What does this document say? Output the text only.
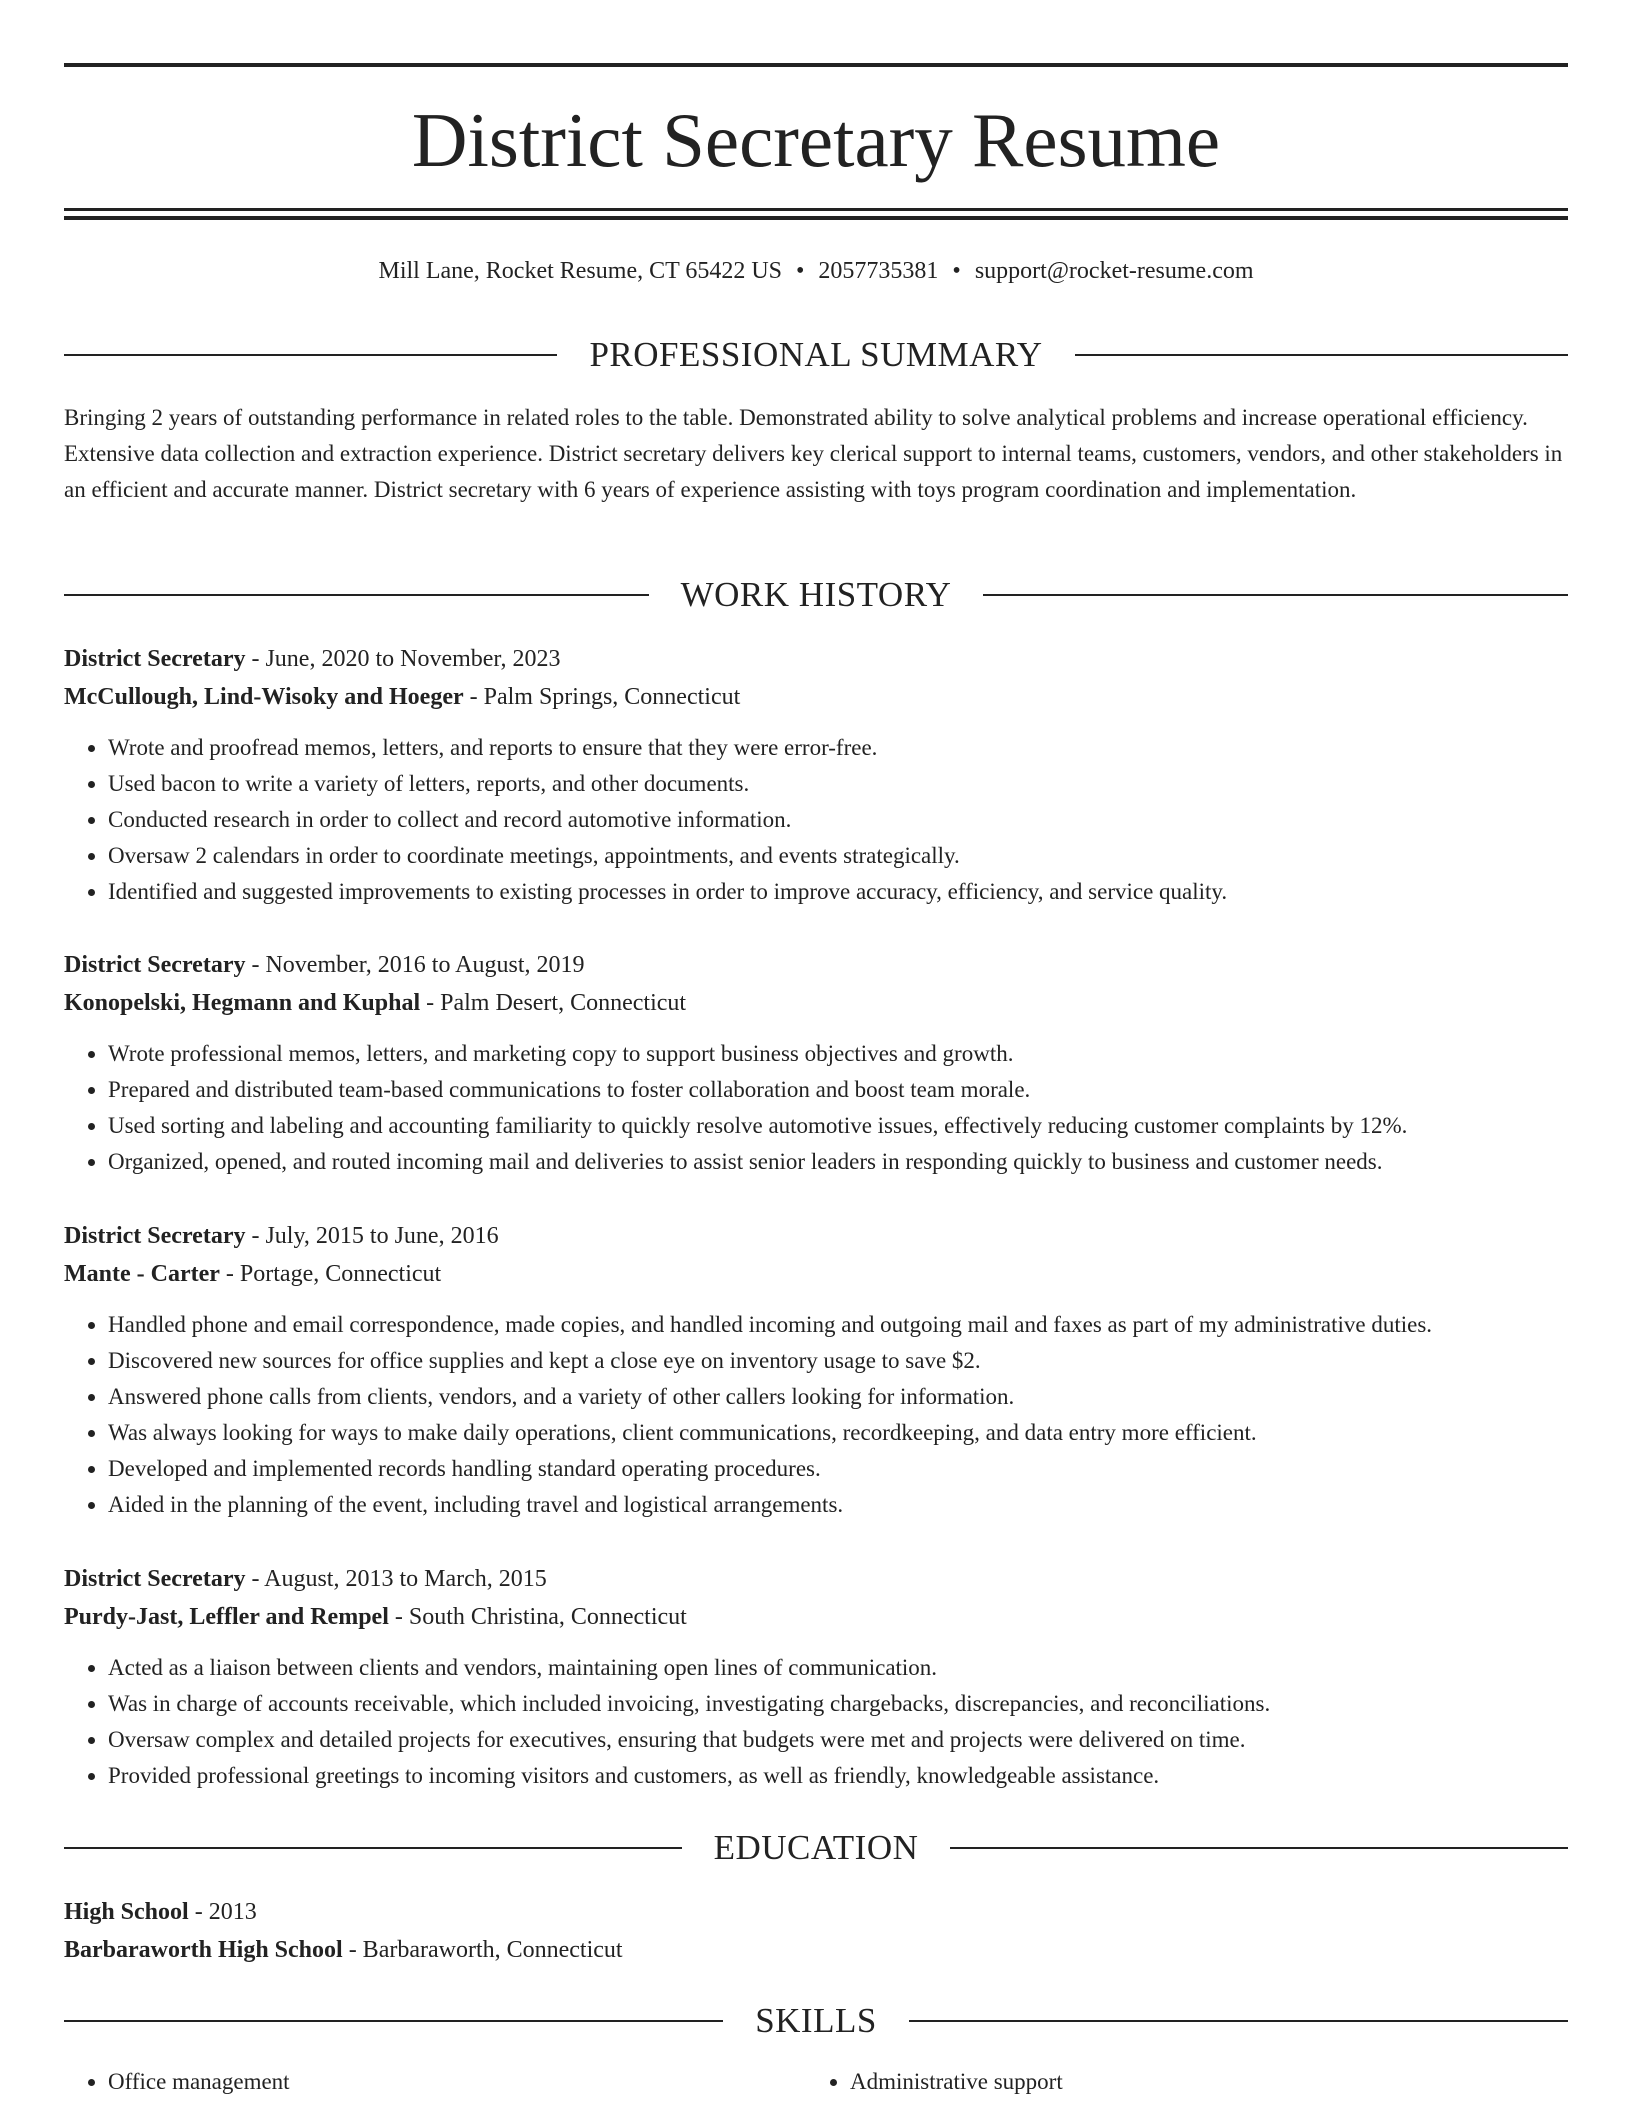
District Secretary Resume
Mill Lane, Rocket Resume, CT 65422 US • 2057735381 • support@rocket-resume.com
PROFESSIONAL SUMMARY

Bringing 2 years of outstanding performance in related roles to the table. Demonstrated ability to solve analytical problems and increase operational efficiency. Extensive data collection and extraction experience. District secretary delivers key clerical support to internal teams, customers, vendors, and other stakeholders in an efficient and accurate manner. District secretary with 6 years of experience assisting with toys program coordination and implementation.

WORK HISTORY
District Secretary - June, 2020 to November, 2023
McCullough, Lind-Wisoky and Hoeger - Palm Springs, Connecticut
• Wrote and proofread memos, letters, and reports to ensure that they were error-free.
• Used bacon to write a variety of letters, reports, and other documents.
• Conducted research in order to collect and record automotive information.
• Oversaw 2 calendars in order to coordinate meetings, appointments, and events strategically.
• Identified and suggested improvements to existing processes in order to improve accuracy, efficiency, and service quality.
District Secretary - November, 2016 to August, 2019
Konopelski, Hegmann and Kuphal - Palm Desert, Connecticut
• Wrote professional memos, letters, and marketing copy to support business objectives and growth.
• Prepared and distributed team-based communications to foster collaboration and boost team morale.
• Used sorting and labeling and accounting familiarity to quickly resolve automotive issues, effectively reducing customer complaints by 12%.
• Organized, opened, and routed incoming mail and deliveries to assist senior leaders in responding quickly to business and customer needs.
District Secretary - July, 2015 to June, 2016
Mante - Carter - Portage, Connecticut
• Handled phone and email correspondence, made copies, and handled incoming and outgoing mail and faxes as part of my administrative duties.
• Discovered new sources for office supplies and kept a close eye on inventory usage to save $2.
• Answered phone calls from clients, vendors, and a variety of other callers looking for information.
• Was always looking for ways to make daily operations, client communications, recordkeeping, and data entry more efficient.
• Developed and implemented records handling standard operating procedures.
• Aided in the planning of the event, including travel and logistical arrangements.
District Secretary - August, 2013 to March, 2015
Purdy-Jast, Leffler and Rempel - South Christina, Connecticut
• Acted as a liaison between clients and vendors, maintaining open lines of communication.
• Was in charge of accounts receivable, which included invoicing, investigating chargebacks, discrepancies, and reconciliations.
• Oversaw complex and detailed projects for executives, ensuring that budgets were met and projects were delivered on time.
• Provided professional greetings to incoming visitors and customers, as well as friendly, knowledgeable assistance.
EDUCATION
High School - 2013
Barbaraworth High School - Barbaraworth, Connecticut
SKILLS
• Office management
•	Administrative support
